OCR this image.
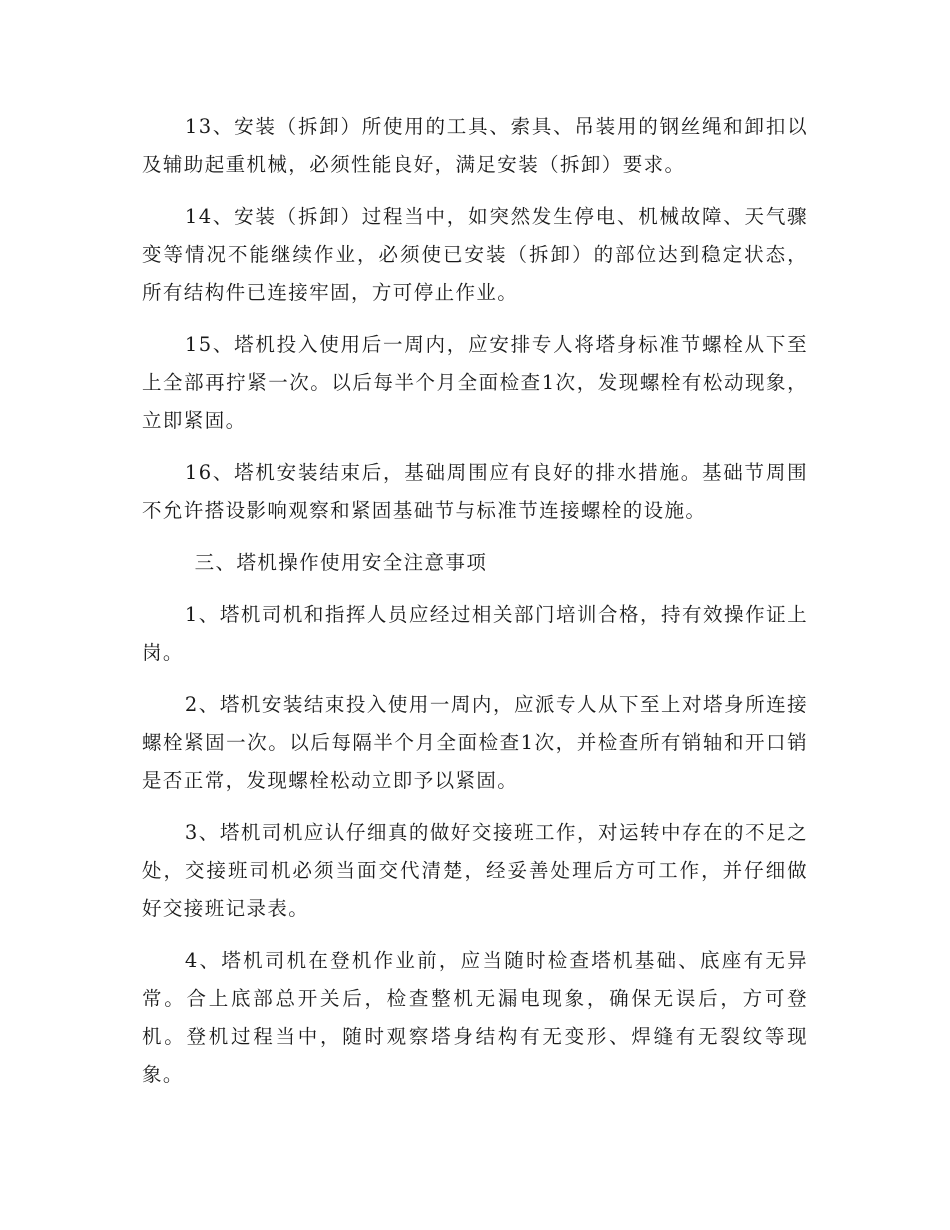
13、安装（拆卸）所使用的工具、索具、吊装用的钢丝绳和卸扣以及辅助起重机械，必须性能良好，满足安装（拆卸）要求。

14、安装（拆卸）过程当中，如突然发生停电、机械故障、天气骤变等情况不能继续作业，必须使已安装（拆卸）的部位达到稳定状态，所有结构件已连接牢固，方可停止作业。

15、塔机投入使用后一周内，应安排专人将塔身标准节螺栓从下至上全部再拧紧一次。以后每半个月全面检查1次，发现螺栓有松动现象，立即紧固。

16、塔机安装结束后，基础周围应有良好的排水措施。基础节周围不允许搭设影响观察和紧固基础节与标准节连接螺栓的设施。

三、塔机操作使用安全注意事项

1、塔机司机和指挥人员应经过相关部门培训合格，持有效操作证上岗。

2、塔机安装结束投入使用一周内，应派专人从下至上对塔身所连接螺栓紧固一次。以后每隔半个月全面检查1次，并检查所有销轴和开口销是否正常，发现螺栓松动立即予以紧固。

3、塔机司机应认仔细真的做好交接班工作，对运转中存在的不足之处，交接班司机必须当面交代清楚，经妥善处理后方可工作，并仔细做好交接班记录表。

4、塔机司机在登机作业前，应当随时检查塔机基础、底座有无异常。合上底部总开关后，检查整机无漏电现象，确保无误后，方可登机。登机过程当中，随时观察塔身结构有无变形、焊缝有无裂纹等现象。
